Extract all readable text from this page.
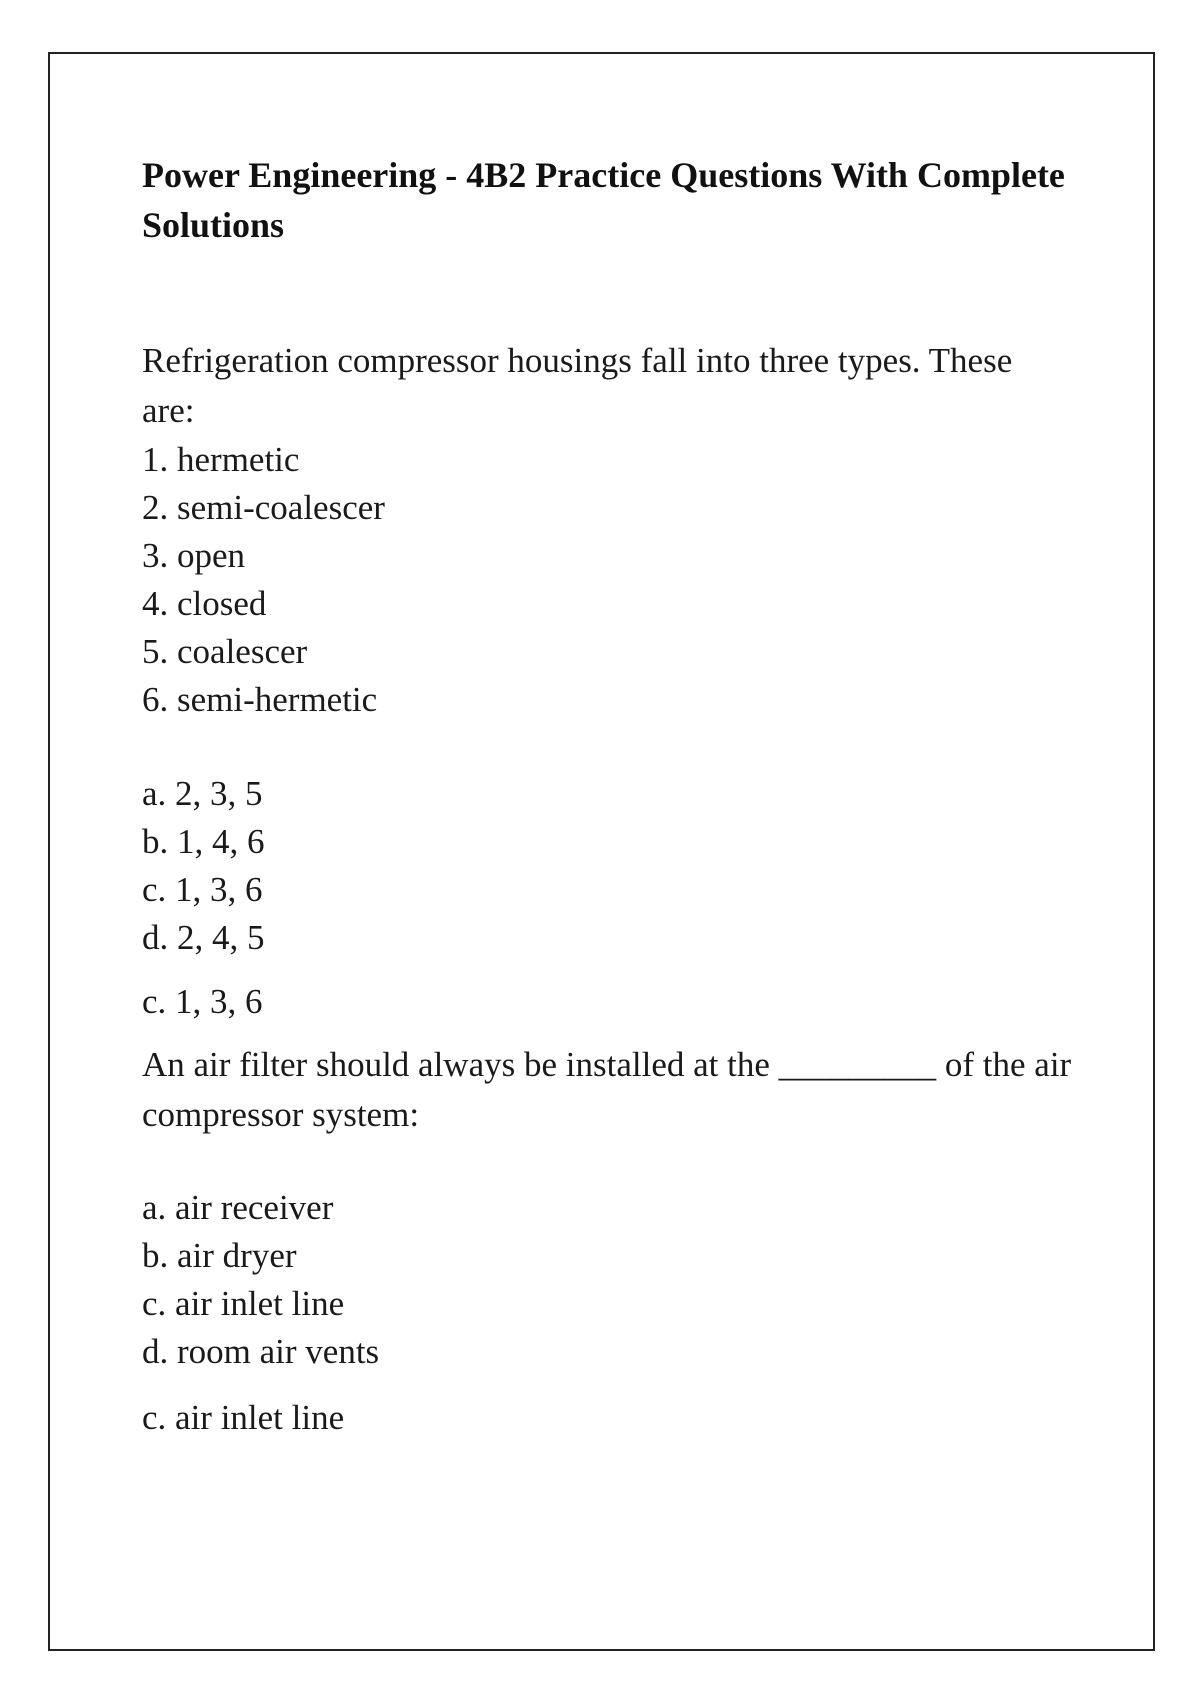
Power Engineering - 4B2 Practice Questions With Complete Solutions

Refrigeration compressor housings fall into three types. These are:

1. hermetic
2. semi-coalescer
3. open
4. closed
5. coalescer
6. semi-hermetic
a. 2, 3, 5
b. 1, 4, 6
c. 1, 3, 6
d. 2, 4, 5
c. 1, 3, 6

An air filter should always be installed at the _________ of the air compressor system:

a. air receiver
b. air dryer
c. air inlet line
d. room air vents
c. air inlet line
